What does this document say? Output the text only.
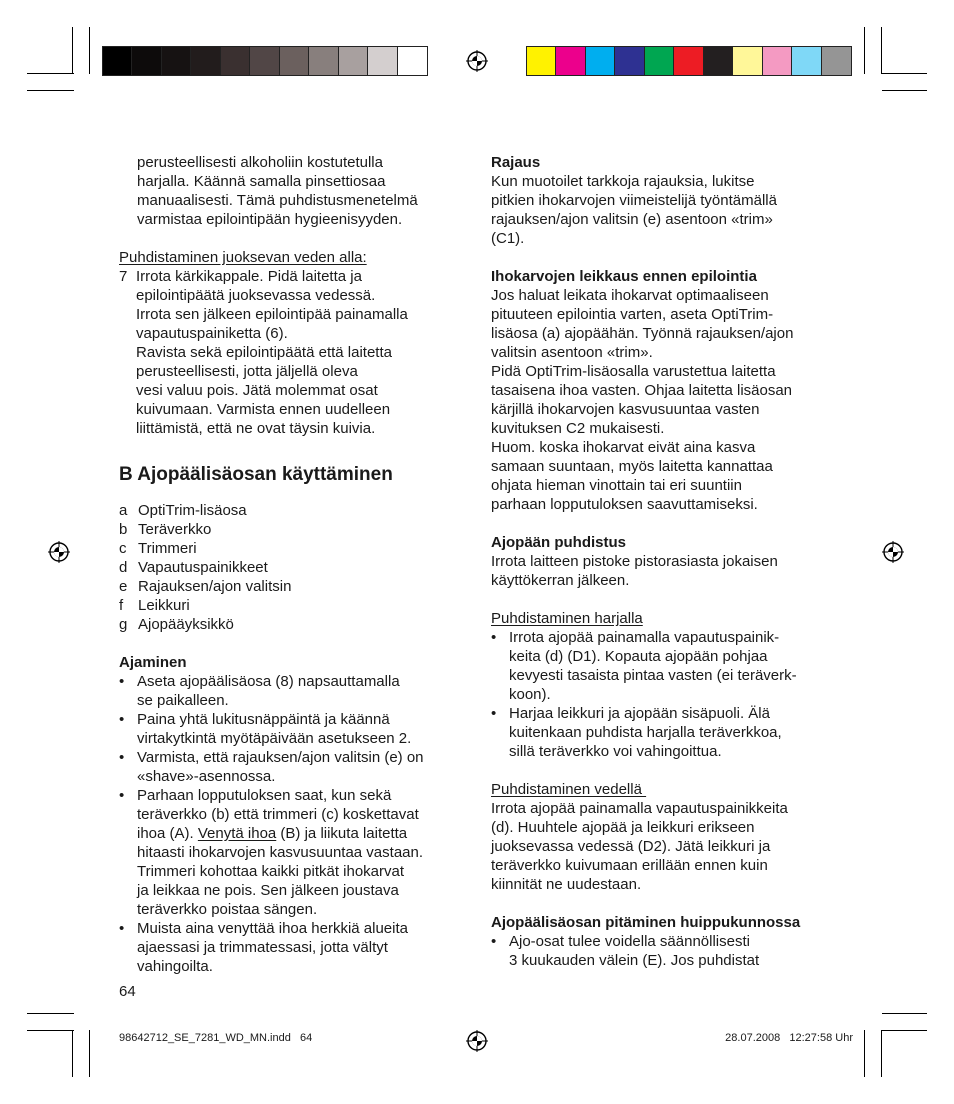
perusteellisesti alkoholiin kostutetulla

harjalla. Käännä samalla pinsettiosaa

manuaalisesti. Tämä puhdistusmenetelmä

varmistaa epilointipään hygieenisyyden.

Puhdistaminen juoksevan veden alla:

7 Irrota kärkikappale. Pidä laitetta ja

epilointipäätä juoksevassa vedessä.

Irrota sen jälkeen epilointipää painamalla

vapautuspainiketta (6).

Ravista sekä epilointipäätä että laitetta

perusteellisesti, jotta jäljellä oleva

vesi valuu pois. Jätä molemmat osat

kuivumaan. Varmista ennen uudelleen

liittämistä, että ne ovat täysin kuivia.

B Ajopäälisäosan käyttäminen
a OptiTrim-lisäosa
b Teräverkko
c Trimmeri
d Vapautuspainikkeet
e Rajauksen/ajon valitsin
f Leikkuri
g Ajopääyksikkö

Ajaminen

• Aseta ajopäälisäosa (8) napsauttamalla

se paikalleen.

• Paina yhtä lukitusnäppäintä ja käännä

virtakytkintä myötäpäivään asetukseen 2.

• Varmista, että rajauksen/ajon valitsin (e) on

«shave»-asennossa.

• Parhaan lopputuloksen saat, kun sekä

teräverkko (b) että trimmeri (c) koskettavat

ihoa (A). Venytä ihoa (B) ja liikuta laitetta

hitaasti ihokarvojen kasvusuuntaa vastaan.

Trimmeri kohottaa kaikki pitkät ihokarvat

ja leikkaa ne pois. Sen jälkeen joustava

teräverkko poistaa sängen.

• Muista aina venyttää ihoa herkkiä alueita

ajaessasi ja trimmatessasi, jotta vältyt

vahingoilta.

64

Rajaus

Kun muotoilet tarkkoja rajauksia, lukitse

pitkien ihokarvojen viimeistelijä työntämällä

rajauksen/ajon valitsin (e) asentoon «trim»

(C1).

Ihokarvojen leikkaus ennen epilointia

Jos haluat leikata ihokarvat optimaaliseen

pituuteen epilointia varten, aseta OptiTrim-

lisäosa (a) ajopäähän. Työnnä rajauksen/ajon

valitsin asentoon «trim».

Pidä OptiTrim-lisäosalla varustettua laitetta

tasaisena ihoa vasten. Ohjaa laitetta lisäosan

kärjillä ihokarvojen kasvusuuntaa vasten

kuvituksen C2 mukaisesti.

Huom. koska ihokarvat eivät aina kasva

samaan suuntaan, myös laitetta kannattaa

ohjata hieman vinottain tai eri suuntiin

parhaan lopputuloksen saavuttamiseksi.

Ajopään puhdistus

Irrota laitteen pistoke pistorasiasta jokaisen

käyttökerran jälkeen.

Puhdistaminen harjalla

• Irrota ajopää painamalla vapautuspainik-

keita (d) (D1). Kopauta ajopään pohjaa

kevyesti tasaista pintaa vasten (ei teräverk-

koon).

• Harjaa leikkuri ja ajopään sisäpuoli. Älä

kuitenkaan puhdista harjalla teräverkkoa,

sillä teräverkko voi vahingoittua.

Puhdistaminen vedellä

Irrota ajopää painamalla vapautuspainikkeita

(d). Huuhtele ajopää ja leikkuri erikseen

juoksevassa vedessä (D2). Jätä leikkuri ja

teräverkko kuivumaan erillään ennen kuin

kiinnität ne uudestaan.

Ajopäälisäosan pitäminen huippukunnossa

• Ajo-osat tulee voidella säännöllisesti

3 kuukauden välein (E). Jos puhdistat

98642712_SE_7281_WD_MN.indd   64	28.07.2008   12:27:58 Uhr
